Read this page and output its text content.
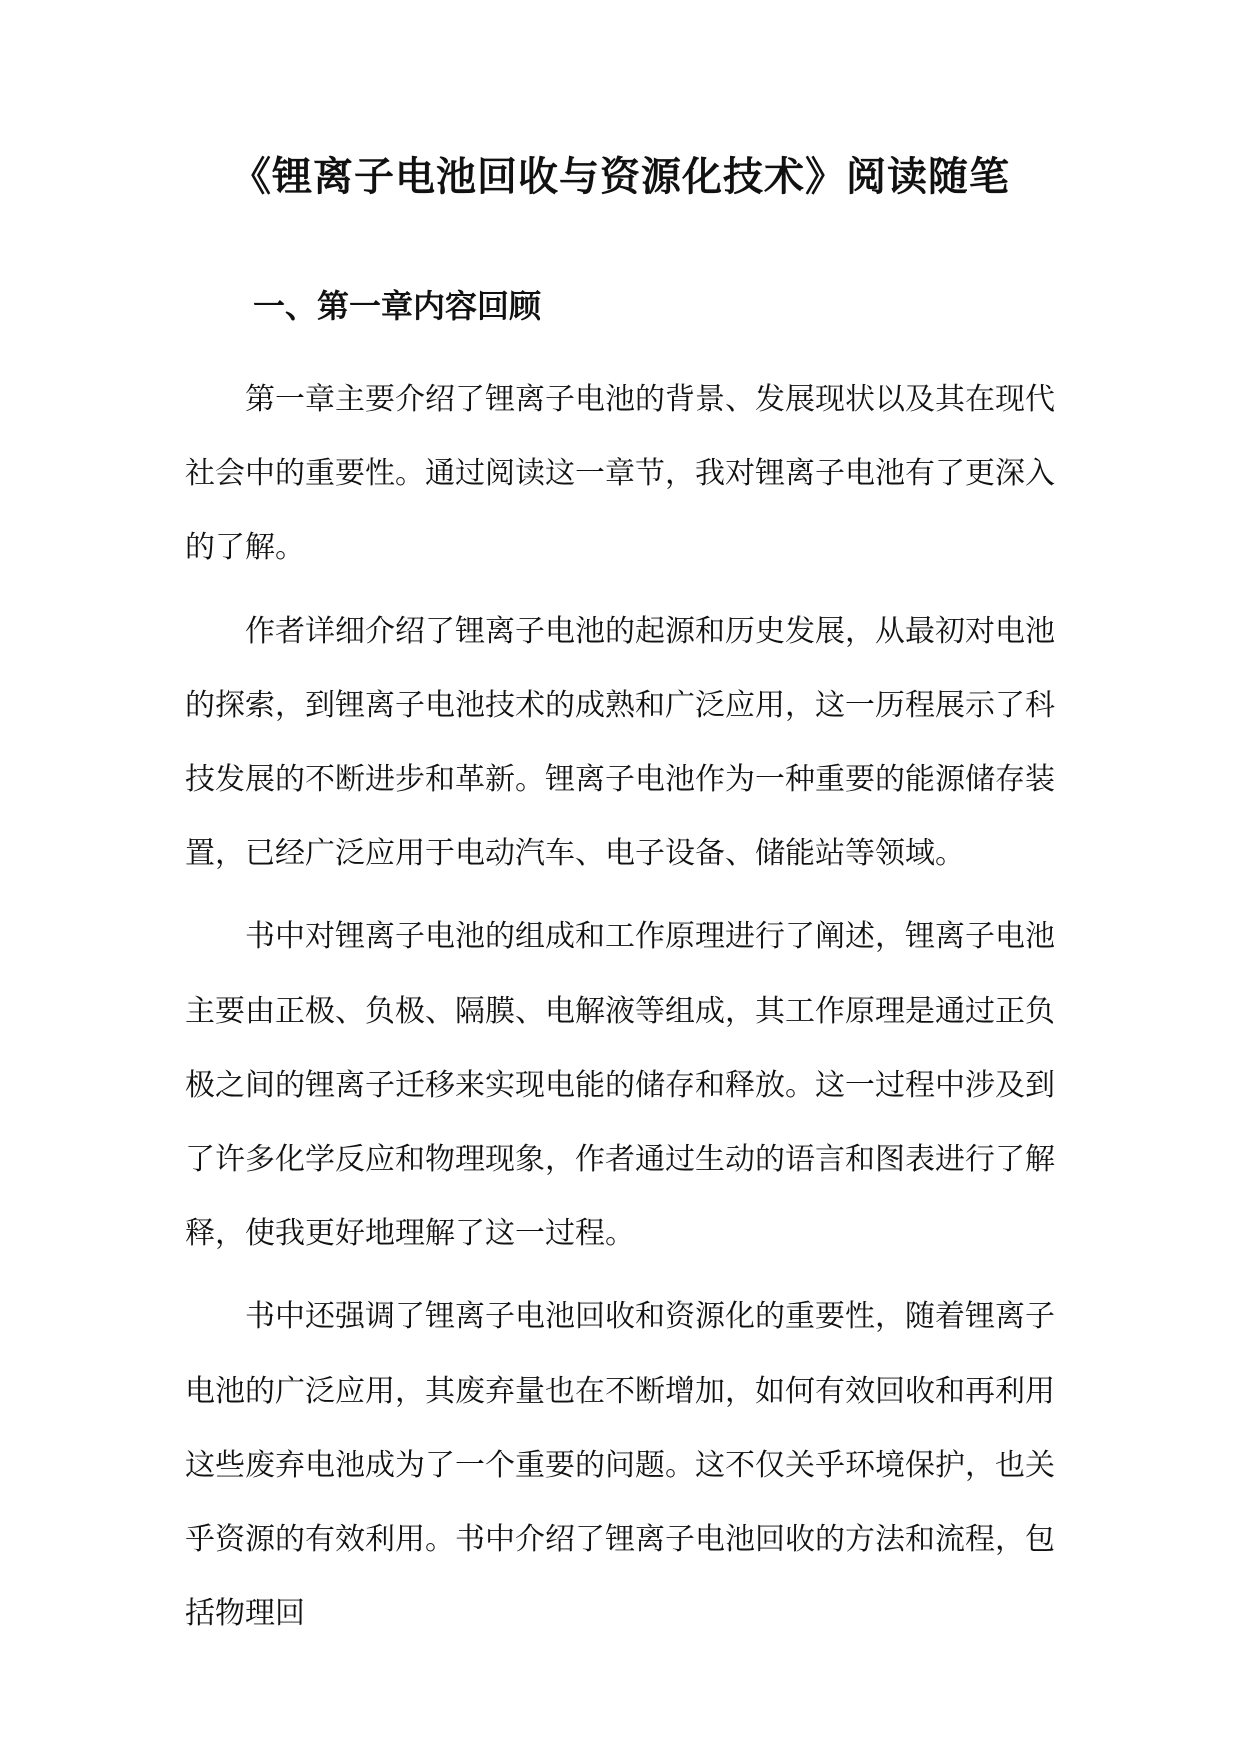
《锂离子电池回收与资源化技术》阅读随笔
一、第一章内容回顾

第一章主要介绍了锂离子电池的背景、发展现状以及其在现代社会中的重要性。通过阅读这一章节，我对锂离子电池有了更深入的了解。

作者详细介绍了锂离子电池的起源和历史发展，从最初对电池的探索，到锂离子电池技术的成熟和广泛应用，这一历程展示了科技发展的不断进步和革新。锂离子电池作为一种重要的能源储存装置，已经广泛应用于电动汽车、电子设备、储能站等领域。

书中对锂离子电池的组成和工作原理进行了阐述，锂离子电池主要由正极、负极、隔膜、电解液等组成，其工作原理是通过正负极之间的锂离子迁移来实现电能的储存和释放。这一过程中涉及到了许多化学反应和物理现象，作者通过生动的语言和图表进行了解释，使我更好地理解了这一过程。

书中还强调了锂离子电池回收和资源化的重要性，随着锂离子电池的广泛应用，其废弃量也在不断增加，如何有效回收和再利用这些废弃电池成为了一个重要的问题。这不仅关乎环境保护，也关乎资源的有效利用。书中介绍了锂离子电池回收的方法和流程，包括物理回
